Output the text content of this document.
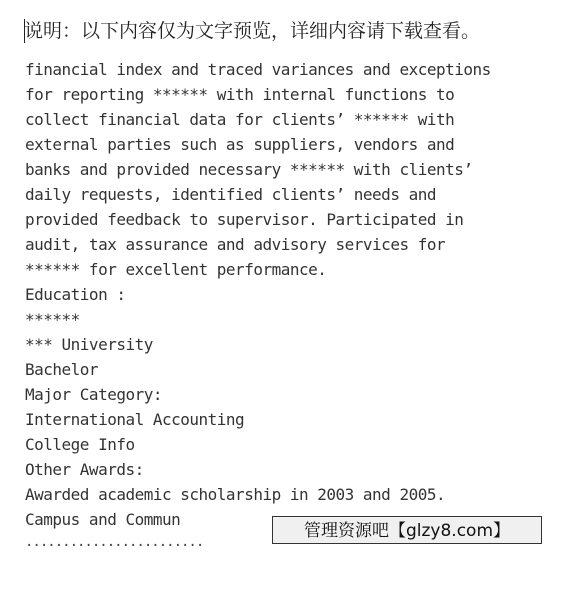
说明：以下内容仅为文字预览，详细内容请下载查看。
financial index and traced variances and exceptions
for reporting ****** with internal functions to
collect financial data for clients’ ****** with
external parties such as suppliers, vendors and
banks and provided necessary ****** with clients’
daily requests, identified clients’ needs and
provided feedback to supervisor. Participated in
audit, tax assurance and advisory services for
****** for excellent performance.
Education :
******
*** University
Bachelor
Major Category:
International Accounting
College Info
Other Awards:
Awarded academic scholarship in 2003 and 2005.
Campus and Commun
........................
管理资源吧【glzy8.com】
